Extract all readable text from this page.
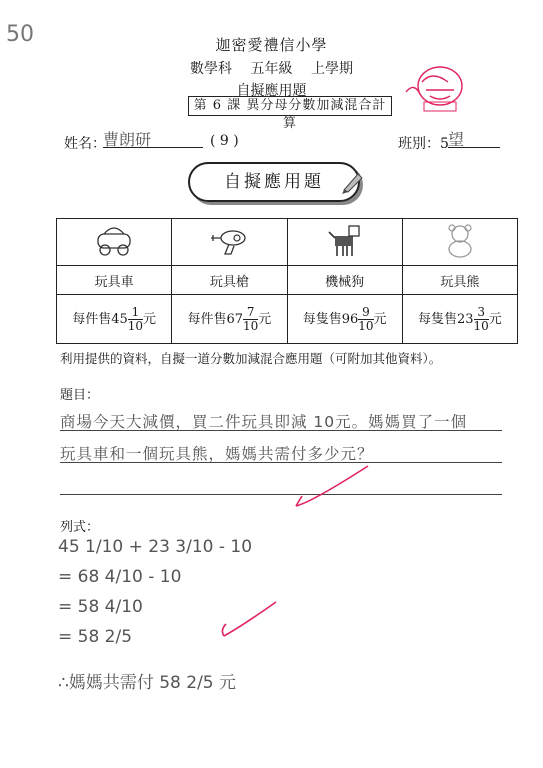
50	迦密愛禮信小學
數學科 五年級 上學期
自擬應用題
第 6 課 異分母分數加減混合計算
姓名：
曹朗研	( 9 )	班別：5 望
自擬應用題

玩具車	玩具槍	機械狗	玩具熊
每件售$45 \frac{1}{10}$ 元	每件售$67 \frac{7}{10}$ 元	每隻售$96 \frac{9}{10}$ 元	每隻售$23 \frac{3}{10}$ 元
利用提供的資料，自擬一道分數加減混合應用題（可附加其他資料）。
題目：
商場今天大減價，買二件玩具即減 10元。媽媽買了一個
玩具車和一個玩具熊，媽媽共需付多少元？
列式：
45 1/10 + 23 3/10 - 10
= 68 4/10 - 10
= 58 4/10
= 58 2/5
∴媽媽共需付 58 2/5 元
